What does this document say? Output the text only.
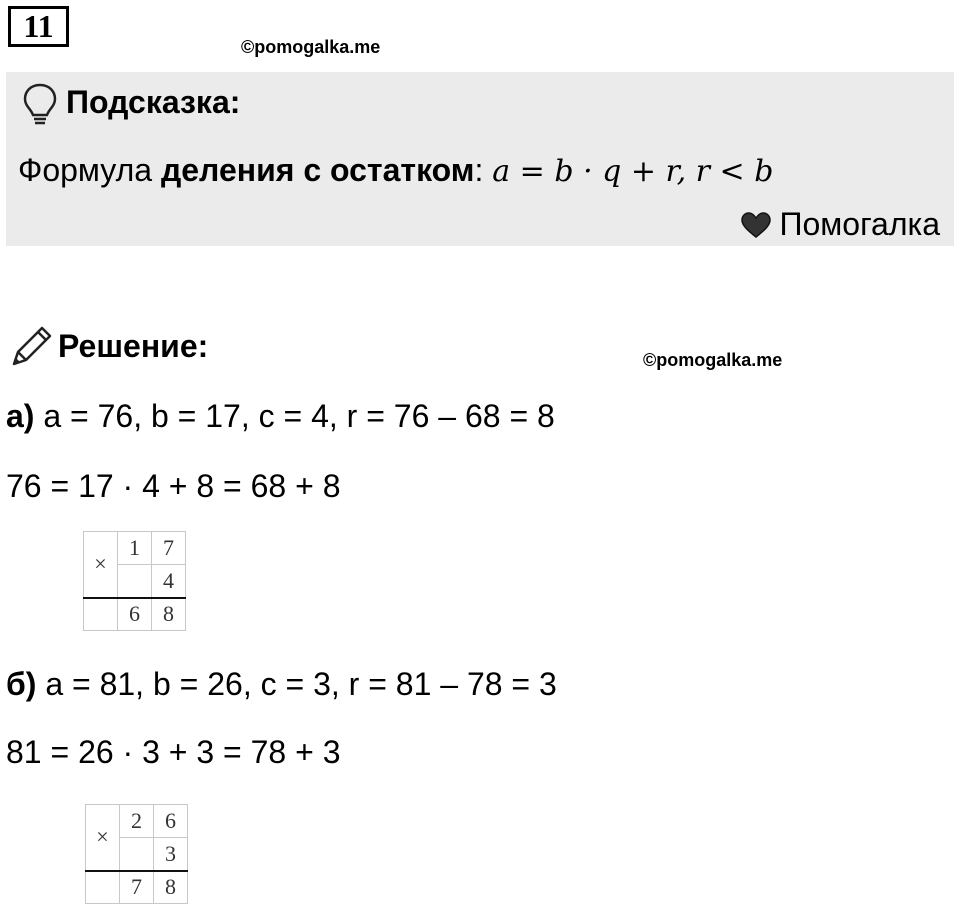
11
©pomogalka.me
Подсказка:
Формула деления с остатком: a = b · q + r, r < b
Помогалка
Решение:	©pomogalka.me
а) a = 76, b = 17, c = 4, r = 76 – 68 = 8
76 = 17 · 4 + 8 = 68 + 8
×	1	7
		4
	6	8
б) a = 81, b = 26, c = 3, r = 81 – 78 = 3
81 = 26 · 3 + 3 = 78 + 3
×	2	6
		3
	7	8
